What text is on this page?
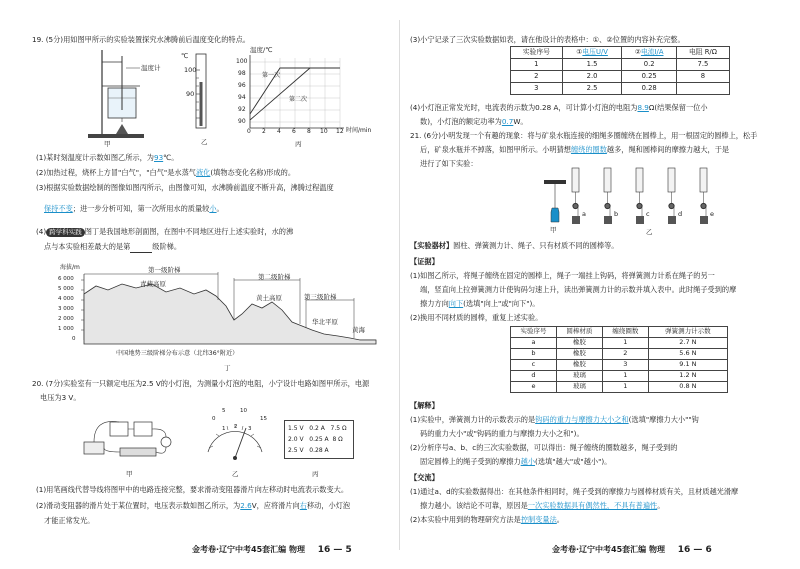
19. (5分)用如图甲所示的实验装置探究水沸腾前后温度变化的特点。

温度计
甲
℃
100
90
乙
温度/℃
100
98
96
94
92
90
0 2 4 6 8 10 12 时间/min
第一次
第二次
丙

(1)某时刻温度计示数如图乙所示，为93℃。

(2)加热过程，烧杯上方冒"白气"，"白气"是水蒸气液化(填物态变化名称)形成的。

(3)根据实验数据绘制的图像如图丙所示，由图像可知，水沸腾前温度不断升高，沸腾过程温度

保持不变；进一步分析可知，第一次所用水的质量较小。

(4) 跨学科实践 图丁是我国地形剖面图，在图中不同地区进行上述实验时，水的沸

点与本实验相差最大的是第	级阶梯。

海拔/m
6 000
5 000
4 000
3 000
2 000
1 000
0
第一级阶梯
第二级阶梯
第三级阶梯
青藏高原
黄土高原
华北平原
黄海
中国地势三级阶梯分布示意（北纬36°附近）
丁

20. (7分)实验室有一只额定电压为2.5 V的小灯泡，为测量小灯泡的电阻，小宁设计电路如图甲所示，电源

电压为3 V。

甲
0
5	10
15
1 2 3
乙
1.5 V   0.2 A   7.5 Ω
2.0 V   0.25 A  8 Ω
2.5 V   0.28 A
丙

(1)用笔画线代替导线将图甲中的电路连接完整，要求滑动变阻器滑片向左移动时电流表示数变大。

(2)滑动变阻器的滑片处于某位置时，电压表示数如图乙所示，为2.6V，应将滑片向右移动，小灯泡

才能正常发光。

金考卷·辽宁中考45套汇编 物理 16 — 5

(3)小宁记录了三次实验数据如表，请在他设计的表格中：①、②位置的内容补充完整。

实验序号	①电压U/V	②电流I/A	电阻 R/Ω
1	1.5	0.2	7.5
2	2.0	0.25	8
3	2.5	0.28	

(4)小灯泡正常发光时，电流表的示数为0.28 A，可计算小灯泡的电阻为8.9Ω(结果保留一位小

数)，小灯泡的额定功率为0.7W。

21. (6分)小明发现一个有趣的现象：将与矿泉水瓶连接的细绳多圈缠绕在圆棒上，用一根固定的圆棒上，松手

后，矿泉水瓶并不掉落，如图甲所示。小明猜想缠绕的圈数越多，绳和圆棒间的摩擦力越大，于是

进行了如下实验：

甲
a	b	c	d	e
乙

【实验器材】圆柱、弹簧测力计、绳子、只有材质不同的圆棒等。

【证据】

(1)如图乙所示，将绳子缠绕在固定的圆棒上，绳子一端挂上钩码，将弹簧测力计系在绳子的另一

端，竖直向上拉弹簧测力计使钩码匀速上升，读出弹簧测力计的示数并填入表中。此时绳子受到的摩

擦力方向向下(选填"向上"或"向下")。

(2)换用不同材质的圆棒，重复上述实验。

实验序号	圆棒材质	缠绕圈数	弹簧测力计示数
a	橡胶	1	2.7 N
b	橡胶	2	5.6 N
c	橡胶	3	9.1 N
d	玻璃	1	1.2 N
e	玻璃	1	0.8 N

【解释】

(1)实验中，弹簧测力计的示数表示的是钩码的重力与摩擦力大小之和(选填"摩擦力大小""钩

码的重力大小"或"钩码的重力与摩擦力大小之和")。

(2)分析序号a、b、c的三次实验数据，可以得出：绳子缠绕的圈数越多，绳子受到的

固定圆棒上的绳子受到的摩擦力越小(选填"越大"或"越小")。

【交流】

(1)通过a、d的实验数据得出：在其他条件相同时，绳子受到的摩擦力与圆棒材质有关，且材质越光滑摩

擦力越小。该结论不可靠，原因是一次实验数据具有偶然性，不具有普遍性。

(2)本实验中用到的物理研究方法是控制变量法。

金考卷·辽宁中考45套汇编 物理 16 — 6
